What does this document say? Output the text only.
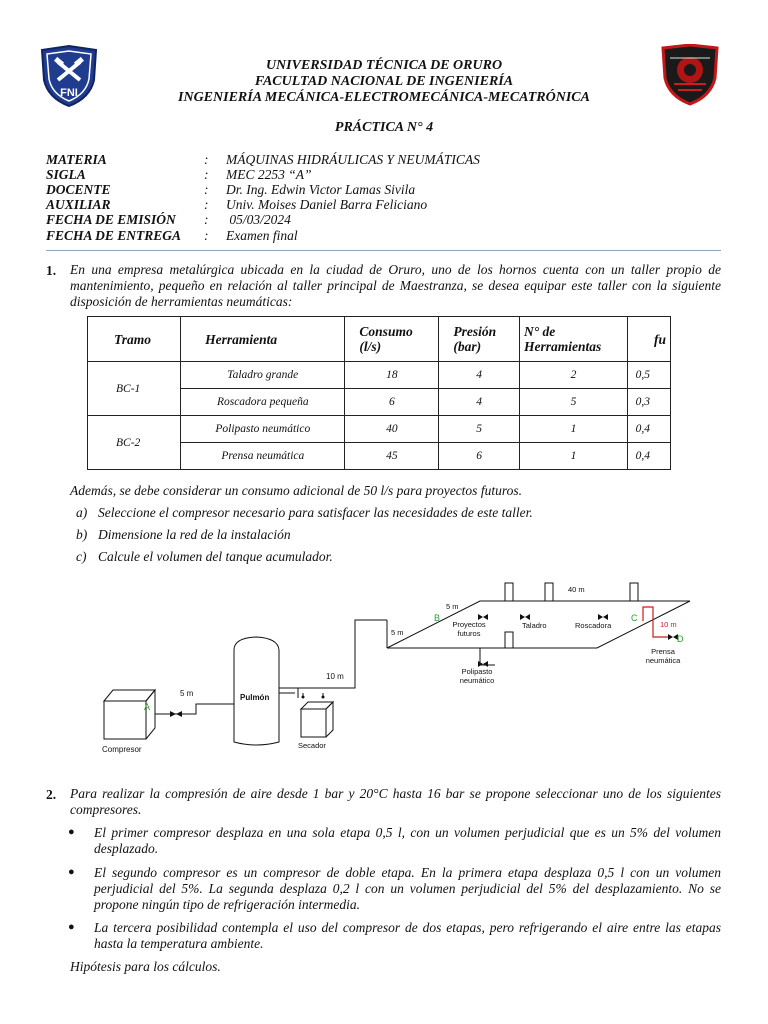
FNI
UNIVERSIDAD TÉCNICA DE ORURO
FACULTAD NACIONAL DE INGENIERÍA
INGENIERÍA MECÁNICA-ELECTROMECÁNICA-MECATRÓNICA
PRÁCTICA N° 4
MATERIA	: MÁQUINAS HIDRÁULICAS Y NEUMÁTICAS
SIGLA	: MEC 2253 “A”
DOCENTE	: Dr. Ing. Edwin Victor Lamas Sivila
AUXILIAR	: Univ. Moises Daniel Barra Feliciano
FECHA DE EMISIÓN : 05/03/2024
FECHA DE ENTREGA : Examen final
1. En una empresa metalúrgica ubicada en la ciudad de Oruro, uno de los hornos cuenta con un taller propio de mantenimiento, pequeño en relación al taller principal de Maestranza, se desea equipar este taller con la siguiente disposición de herramientas neumáticas:
Tramo	Herramienta	Consumo (l/s)	Presión (bar)	N° de Herramientas	fu
BC-1	Taladro grande	18	4	2	0,5
	Roscadora pequeña	6	4	5	0,3
BC-2	Polipasto neumático	40	5	1	0,4
	Prensa neumática	45	6	1	0,4
Además, se debe considerar un consumo adicional de 50 l/s para proyectos futuros.
a) Seleccione el compresor necesario para satisfacer las necesidades de este taller.
b) Dimensione la red de la instalación
c) Calcule el volumen del tanque acumulador.
Compresor
Pulmón
Secador
Taladro	Roscadora
5 m
10 m
5 m
5 m
40 m
10 m
A
B	C
D
Proyectos futuros
Polipasto neumático
Prensa neumática
2. Para realizar la compresión de aire desde 1 bar y 20°C hasta 16 bar se propone seleccionar uno de los siguientes compresores.
● El primer compresor desplaza en una sola etapa 0,5 l, con un volumen perjudicial que es un 5% del volumen desplazado.
● El segundo compresor es un compresor de doble etapa. En la primera etapa desplaza 0,5 l con un volumen perjudicial del 5%. La segunda desplaza 0,2 l con un volumen perjudicial del 5% del desplazamiento. No se propone ningún tipo de refrigeración intermedia.
● La tercera posibilidad contempla el uso del compresor de dos etapas, pero refrigerando el aire entre las etapas hasta la temperatura ambiente.
Hipótesis para los cálculos.
